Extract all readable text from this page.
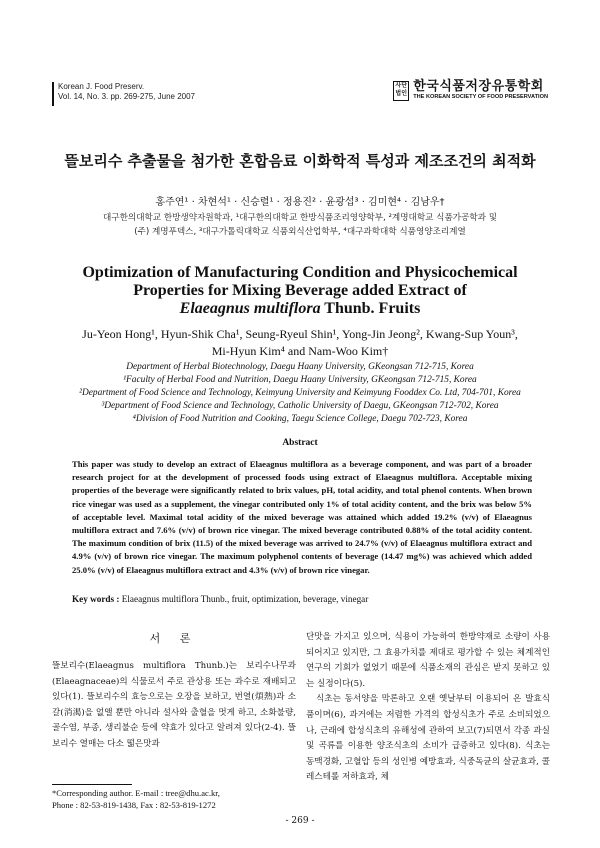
Korean J. Food Preserv.
Vol. 14, No. 3. pp. 269-275, June 2007
사단 법인 한국식품저장유통학회
THE KOREAN SOCIETY OF FOOD PRESERVATION
뜰보리수 추출물을 첨가한 혼합음료 이화학적 특성과 제조조건의 최적화
홍주연¹ · 차현석¹ · 신승렬¹ · 정용진² · 윤광섭³ · 김미현⁴ · 김남우†
대구한의대학교 한방생약자원학과, ¹대구한의대학교 한방식품조리영양학부, ²계명대학교 식품가공학과 및
(주) 계명푸덱스, ³대구가톨릭대학교 식품외식산업학부, ⁴대구과학대학 식품영양조리계열
Optimization of Manufacturing Condition and Physicochemical
Properties for Mixing Beverage added Extract of
Elaeagnus multiflora Thunb. Fruits
Ju-Yeon Hong¹, Hyun-Shik Cha¹, Seung-Ryeul Shin¹, Yong-Jin Jeong², Kwang-Sup Youn³,
Mi-Hyun Kim⁴ and Nam-Woo Kim†
Department of Herbal Biotechnology, Daegu Haany University, GKeongsan 712-715, Korea
¹Faculty of Herbal Food and Nutrition, Daegu Haany University, GKeongsan 712-715, Korea
²Department of Food Science and Technology, Keimyung University and Keimyung Fooddex Co. Ltd, 704-701, Korea
³Department of Food Science and Technology, Catholic University of Daegu, GKeongsan 712-702, Korea
⁴Division of Food Nutrition and Cooking, Taegu Science College, Daegu 702-723, Korea
Abstract
This paper was study to develop an extract of Elaeagnus multiflora as a beverage component, and was part of a broader research project for at the development of processed foods using extract of Elaeagnus multiflora. Acceptable mixing properties of the beverage were significantly related to brix values, pH, total acidity, and total phenol contents. When brown rice vinegar was used as a supplement, the vinegar contributed only 1% of total acidity content, and the brix was below 5% of acceptable level. Maximal total acidity of the mixed beverage was attained which added 19.2% (v/v) of Elaeagnus multiflora extract and 7.6% (v/v) of brown rice vinegar. The mixed beverage contributed 0.88% of the total acidity content. The maximum condition of brix (11.5) of the mixed beverage was arrived to 24.7% (v/v) of Elaeagnus multiflora extract and 4.9% (v/v) of brown rice vinegar. The maximum polyphenol contents of beverage (14.47 mg%) was achieved which added 25.0% (v/v) of Elaeagnus multiflora extract and 4.3% (v/v) of brown rice vinegar.
Key words : Elaeagnus multiflora Thunb., fruit, optimization, beverage, vinegar
서 론

뜰보리수(Elaeagnus multiflora Thunb.)는 보리수나무과(Elaeagnaceae)의 식물로서 주로 관상용 또는 과수로 재배되고 있다(1). 뜰보리수의 효능으로는 오장을 보하고, 번열(煩熱)과 소갈(消渴)을 없앨 뿐만 아니라 설사와 출혈을 멋게 하고, 소화불량, 골수염, 부종, 생리불순 등에 약효가 있다고 알려져 있다(2-4). 뜰보리수 열매는 다소 떫은맛과

단맛을 가지고 있으며, 식용이 가능하여 한방약재로 소량이 사용되어지고 있지만, 그 효용가치를 제대로 평가할 수 있는 체계적인 연구의 기회가 없었기 때문에 식품소재의 관심은 받지 못하고 있는 실정이다(5).

식초는 동서양을 막론하고 오랜 옛날부터 이용되어 온 발효식품이며(6), 과거에는 저렴한 가격의 합성식초가 주로 소비되었으나, 근래에 합성식초의 유해성에 관하여 보고(7)되면서 각종 과실 및 곡류를 이용한 양조식초의 소비가 급증하고 있다(8). 식초는 동맥경화, 고혈압 등의 성인병 예방효과, 식중독균의 살균효과, 콜레스테롤 저하효과, 체

*Corresponding author. E-mail : tree@dhu.ac.kr,
Phone : 82-53-819-1438, Fax : 82-53-819-1272
- 269 -
